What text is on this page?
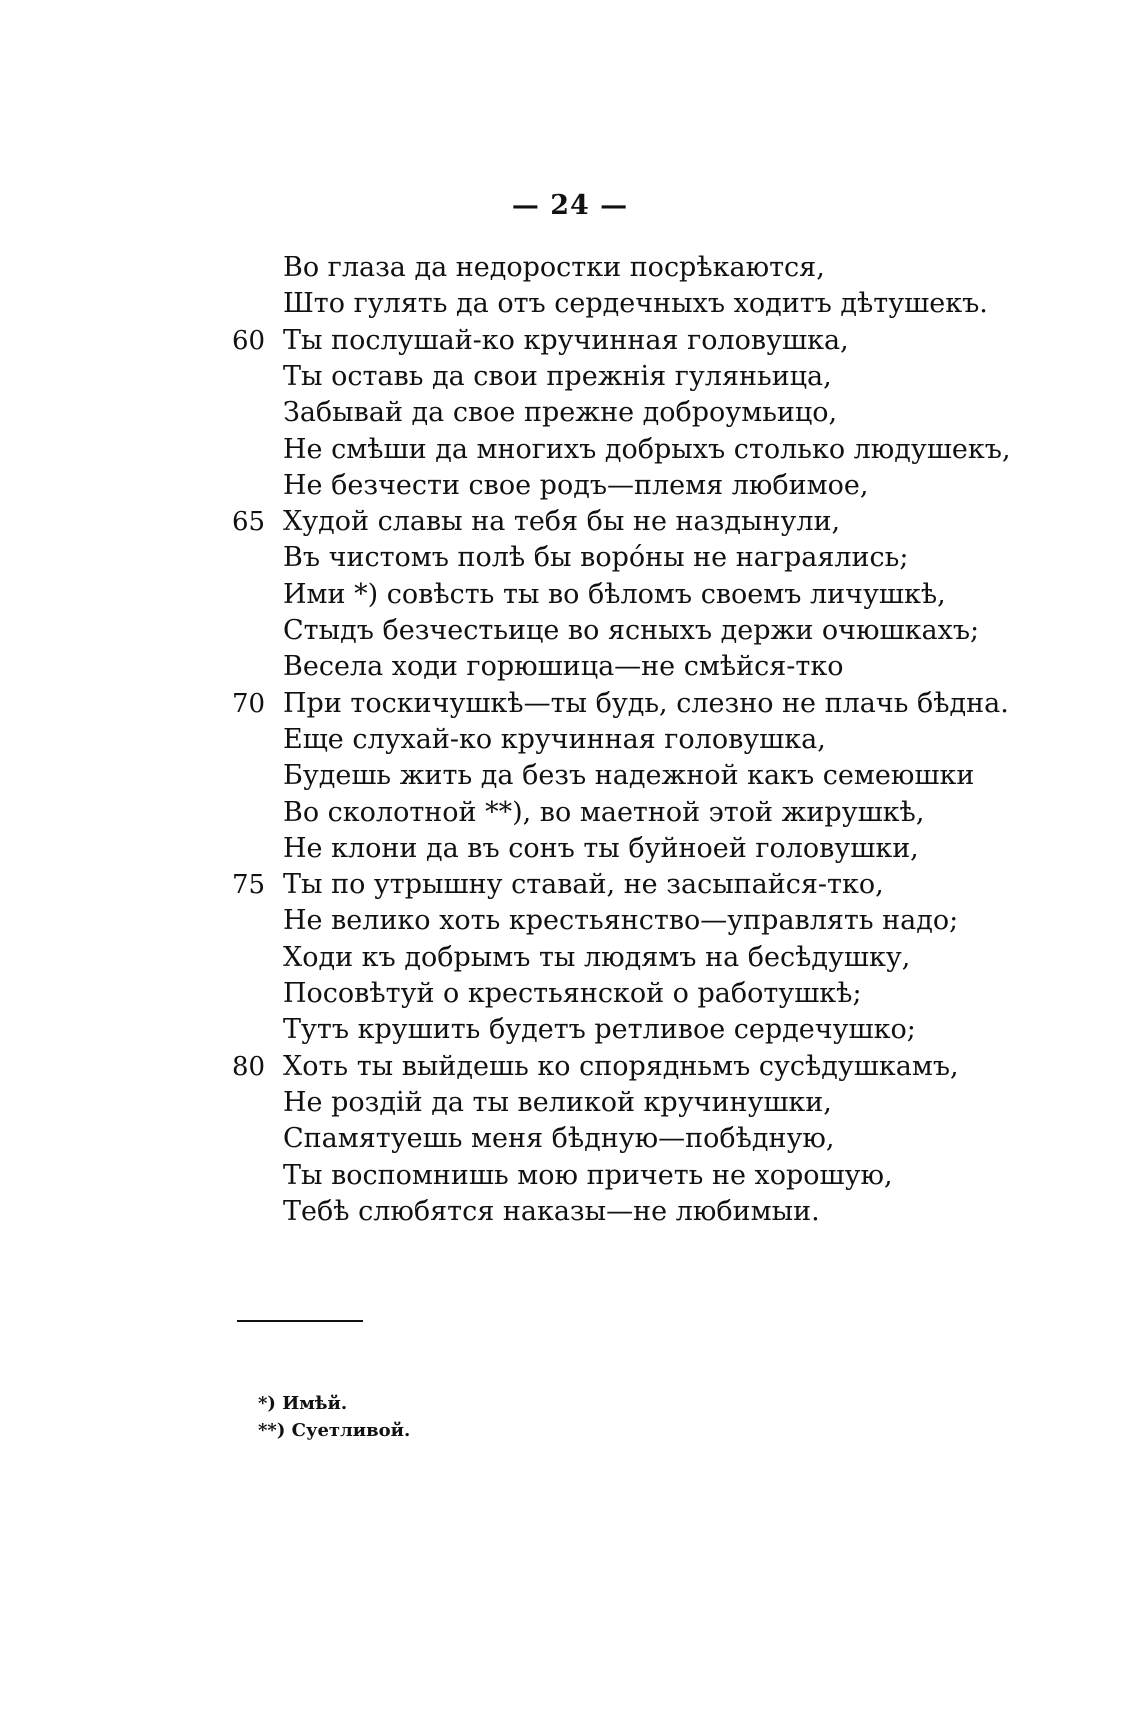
— 24 —
Во глаза да недоростки посрѣкаются,
Што гулять да отъ сердечныхъ ходитъ дѣтушекъ.
60 Ты послушай-ко кручинная головушка,
Ты оставь да свои прежнія гуляньица,
Забывай да свое прежне доброумьицо,
Не смѣши да многихъ добрыхъ столько людушекъ,
Не безчести свое родъ—племя любимое,
65 Худой славы на тебя бы не наздынули,
Въ чистомъ полѣ бы воро́ны не награялись;
Ими *) совѣсть ты во бѣломъ своемъ личушкѣ,
Стыдъ безчестьице во ясныхъ держи очюшкахъ;
Весела ходи горюшица—не смѣйся-тко
70 При тоскичушкѣ—ты будь, слезно не плачь бѣдна.
Еще слухай-ко кручинная головушка,
Будешь жить да безъ надежной какъ семеюшки
Во сколотной **), во маетной этой жирушкѣ,
Не клони да въ сонъ ты буйноей головушки,
75 Ты по утрышну ставай, не засыпайся-тко,
Не велико хоть крестьянство—управлять надо;
Ходи къ добрымъ ты людямъ на бесѣдушку,
Посовѣтуй о крестьянской о работушкѣ;
Тутъ крушить будетъ ретливое сердечушко;
80 Хоть ты выйдешь ко спорядньмъ сусѣдушкамъ,
Не роздій да ты великой кручинушки,
Спамятуешь меня бѣдную—побѣдную,
Ты воспомнишь мою причеть не хорошую,
Тебѣ слюбятся наказы—не любимыи.
*) Имѣй.
**) Суетливой.
